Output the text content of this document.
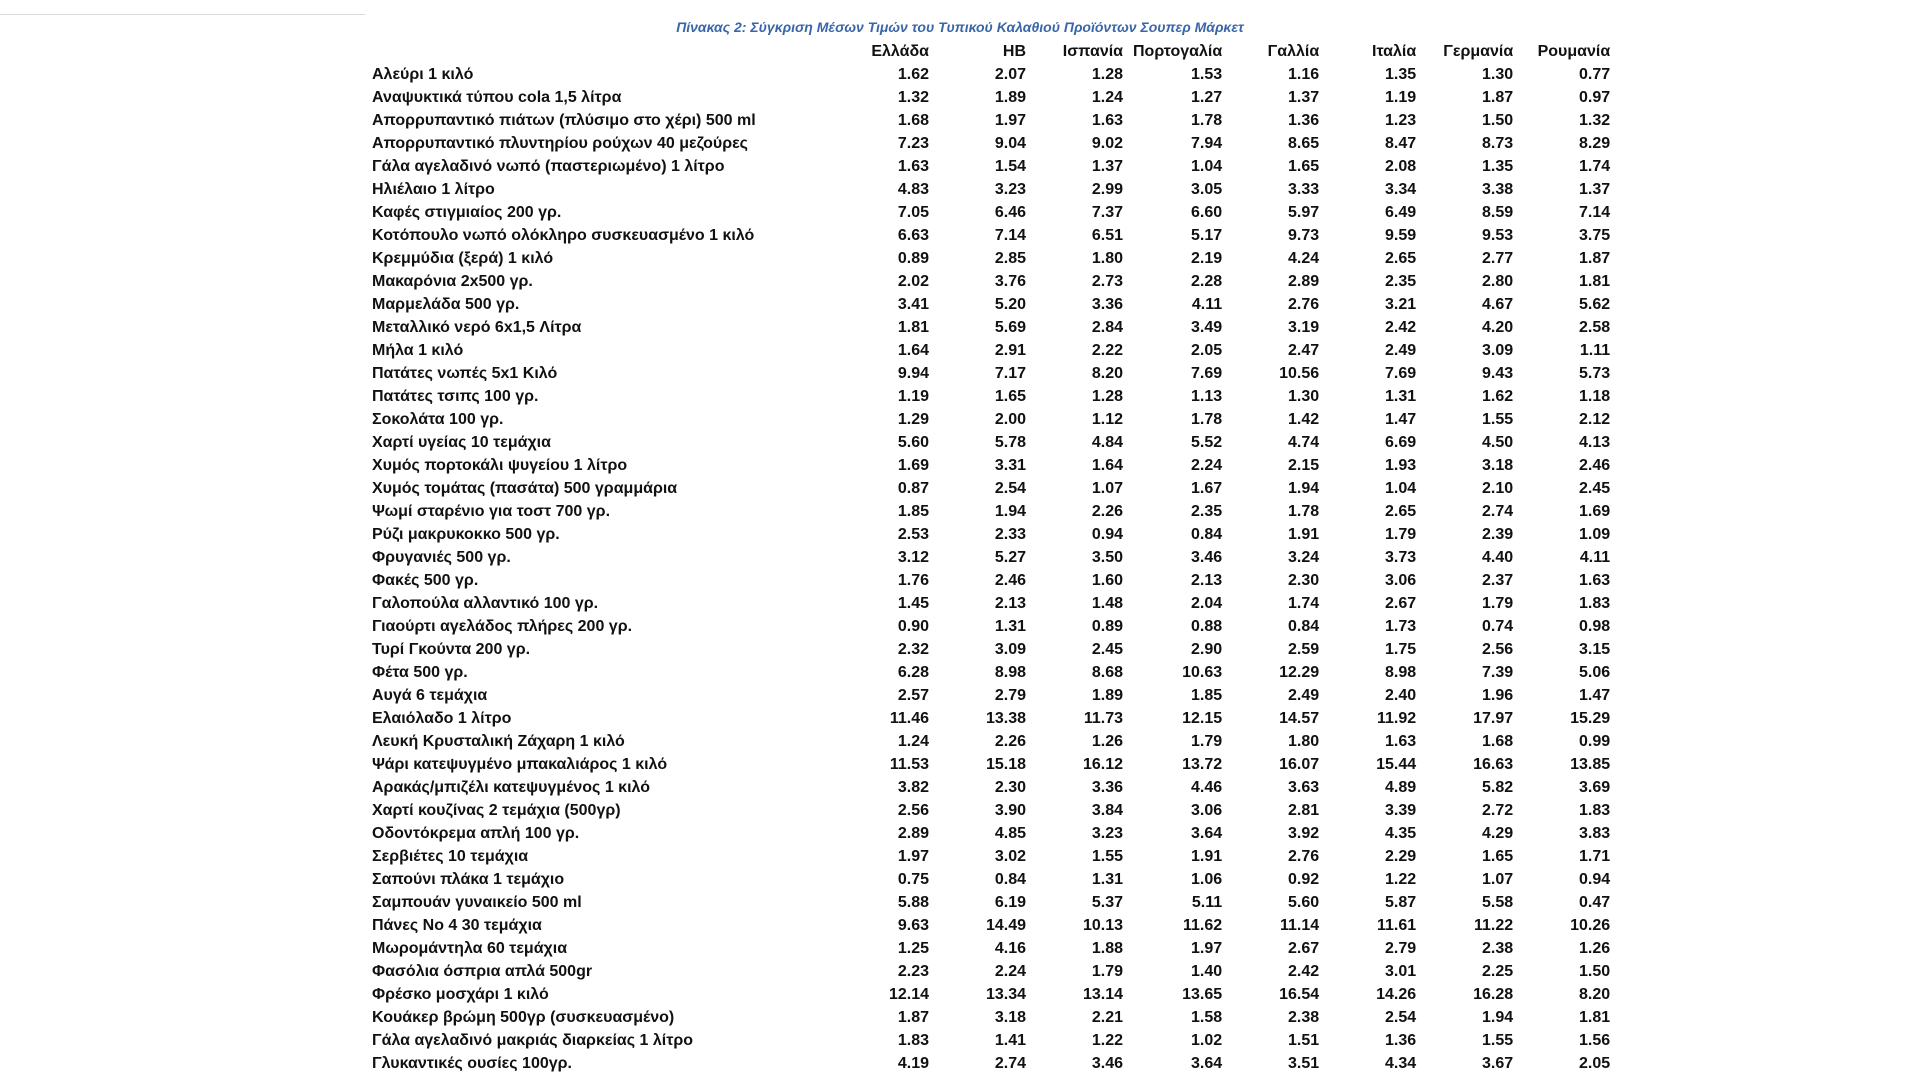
Πίνακας 2: Σύγκριση Μέσων Τιμών του Τυπικού Καλαθιού Προϊόντων Σουπερ Μάρκετ
	Ελλάδα	ΗΒ	Ισπανία	Πορτογαλία	Γαλλία	Ιταλία	Γερμανία	Ρουμανία
Αλεύρι 1 κιλό	1.62	2.07	1.28	1.53	1.16	1.35	1.30	0.77
Αναψυκτικά τύπου cola 1,5 λίτρα	1.32	1.89	1.24	1.27	1.37	1.19	1.87	0.97
Απορρυπαντικό πιάτων (πλύσιμο στο χέρι) 500 ml	1.68	1.97	1.63	1.78	1.36	1.23	1.50	1.32
Απορρυπαντικό πλυντηρίου ρούχων 40 μεζούρες	7.23	9.04	9.02	7.94	8.65	8.47	8.73	8.29
Γάλα αγελαδινό νωπό (παστεριωμένο) 1 λίτρο	1.63	1.54	1.37	1.04	1.65	2.08	1.35	1.74
Ηλιέλαιο 1 λίτρο	4.83	3.23	2.99	3.05	3.33	3.34	3.38	1.37
Καφές στιγμιαίος 200 γρ.	7.05	6.46	7.37	6.60	5.97	6.49	8.59	7.14
Κοτόπουλο νωπό ολόκληρο συσκευασμένο 1 κιλό	6.63	7.14	6.51	5.17	9.73	9.59	9.53	3.75
Κρεμμύδια (ξερά) 1 κιλό	0.89	2.85	1.80	2.19	4.24	2.65	2.77	1.87
Μακαρόνια 2x500 γρ.	2.02	3.76	2.73	2.28	2.89	2.35	2.80	1.81
Μαρμελάδα 500 γρ.	3.41	5.20	3.36	4.11	2.76	3.21	4.67	5.62
Μεταλλικό νερό 6x1,5 Λίτρα	1.81	5.69	2.84	3.49	3.19	2.42	4.20	2.58
Μήλα 1 κιλό	1.64	2.91	2.22	2.05	2.47	2.49	3.09	1.11
Πατάτες νωπές 5x1 Κιλό	9.94	7.17	8.20	7.69	10.56	7.69	9.43	5.73
Πατάτες τσιπς 100 γρ.	1.19	1.65	1.28	1.13	1.30	1.31	1.62	1.18
Σοκολάτα 100 γρ.	1.29	2.00	1.12	1.78	1.42	1.47	1.55	2.12
Χαρτί υγείας 10 τεμάχια	5.60	5.78	4.84	5.52	4.74	6.69	4.50	4.13
Χυμός πορτοκάλι ψυγείου 1 λίτρο	1.69	3.31	1.64	2.24	2.15	1.93	3.18	2.46
Χυμός τομάτας (πασάτα) 500 γραμμάρια	0.87	2.54	1.07	1.67	1.94	1.04	2.10	2.45
Ψωμί σταρένιο για τοστ 700 γρ.	1.85	1.94	2.26	2.35	1.78	2.65	2.74	1.69
Ρύζι μακρυκοκκο 500 γρ.	2.53	2.33	0.94	0.84	1.91	1.79	2.39	1.09
Φρυγανιές 500 γρ.	3.12	5.27	3.50	3.46	3.24	3.73	4.40	4.11
Φακές 500 γρ.	1.76	2.46	1.60	2.13	2.30	3.06	2.37	1.63
Γαλοπούλα αλλαντικό 100 γρ.	1.45	2.13	1.48	2.04	1.74	2.67	1.79	1.83
Γιαούρτι αγελάδος πλήρες 200 γρ.	0.90	1.31	0.89	0.88	0.84	1.73	0.74	0.98
Τυρί Γκούντα 200 γρ.	2.32	3.09	2.45	2.90	2.59	1.75	2.56	3.15
Φέτα 500 γρ.	6.28	8.98	8.68	10.63	12.29	8.98	7.39	5.06
Αυγά 6 τεμάχια	2.57	2.79	1.89	1.85	2.49	2.40	1.96	1.47
Ελαιόλαδο 1 λίτρο	11.46	13.38	11.73	12.15	14.57	11.92	17.97	15.29
Λευκή Κρυσταλική Ζάχαρη 1 κιλό	1.24	2.26	1.26	1.79	1.80	1.63	1.68	0.99
Ψάρι κατεψυγμένο μπακαλιάρος 1 κιλό	11.53	15.18	16.12	13.72	16.07	15.44	16.63	13.85
Αρακάς/μπιζέλι κατεψυγμένος 1 κιλό	3.82	2.30	3.36	4.46	3.63	4.89	5.82	3.69
Χαρτί κουζίνας 2 τεμάχια (500γρ)	2.56	3.90	3.84	3.06	2.81	3.39	2.72	1.83
Οδοντόκρεμα απλή 100 γρ.	2.89	4.85	3.23	3.64	3.92	4.35	4.29	3.83
Σερβιέτες 10 τεμάχια	1.97	3.02	1.55	1.91	2.76	2.29	1.65	1.71
Σαπούνι πλάκα 1 τεμάχιο	0.75	0.84	1.31	1.06	0.92	1.22	1.07	0.94
Σαμπουάν γυναικείο 500 ml	5.88	6.19	5.37	5.11	5.60	5.87	5.58	0.47
Πάνες Νο 4 30 τεμάχια	9.63	14.49	10.13	11.62	11.14	11.61	11.22	10.26
Μωρομάντηλα 60 τεμάχια	1.25	4.16	1.88	1.97	2.67	2.79	2.38	1.26
Φασόλια όσπρια απλά 500gr	2.23	2.24	1.79	1.40	2.42	3.01	2.25	1.50
Φρέσκο μοσχάρι 1 κιλό	12.14	13.34	13.14	13.65	16.54	14.26	16.28	8.20
Κουάκερ βρώμη 500γρ (συσκευασμένο)	1.87	3.18	2.21	1.58	2.38	2.54	1.94	1.81
Γάλα αγελαδινό μακριάς διαρκείας 1 λίτρο	1.83	1.41	1.22	1.02	1.51	1.36	1.55	1.56
Γλυκαντικές ουσίες 100γρ.	4.19	2.74	3.46	3.64	3.51	4.34	3.67	2.05
